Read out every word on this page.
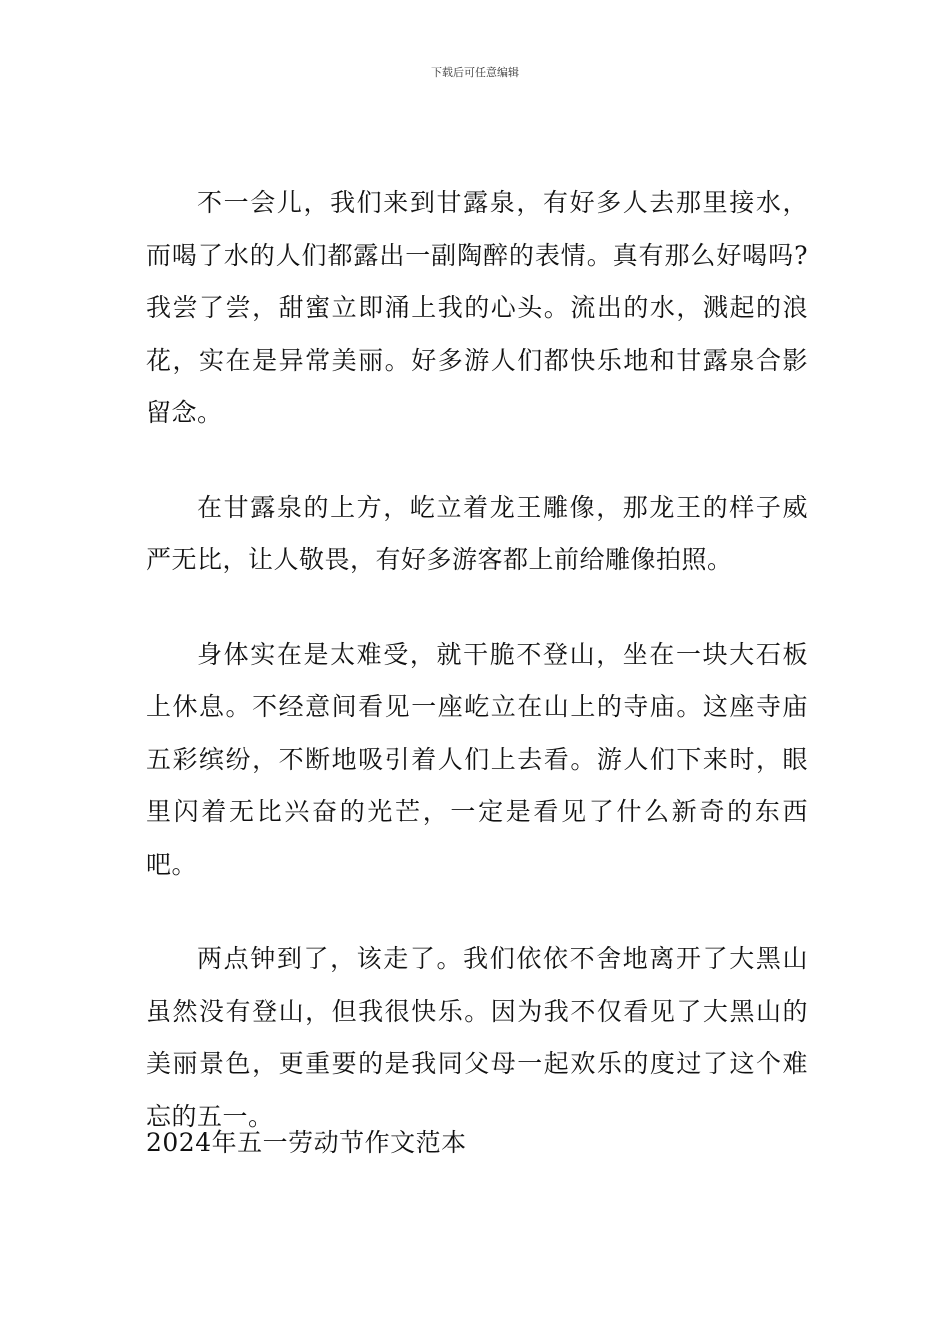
下载后可任意编辑

不一会儿，我们来到甘露泉，有好多人去那里接水，而喝了水的人们都露出一副陶醉的表情。真有那么好喝吗?我尝了尝，甜蜜立即涌上我的心头。流出的水，溅起的浪花，实在是异常美丽。好多游人们都快乐地和甘露泉合影留念。

在甘露泉的上方，屹立着龙王雕像，那龙王的样子威严无比，让人敬畏，有好多游客都上前给雕像拍照。

身体实在是太难受，就干脆不登山，坐在一块大石板上休息。不经意间看见一座屹立在山上的寺庙。这座寺庙五彩缤纷，不断地吸引着人们上去看。游人们下来时，眼里闪着无比兴奋的光芒，一定是看见了什么新奇的东西吧。

两点钟到了，该走了。我们依依不舍地离开了大黑山虽然没有登山，但我很快乐。因为我不仅看见了大黑山的美丽景色，更重要的是我同父母一起欢乐的度过了这个难忘的五一。

2024年五一劳动节作文范本
